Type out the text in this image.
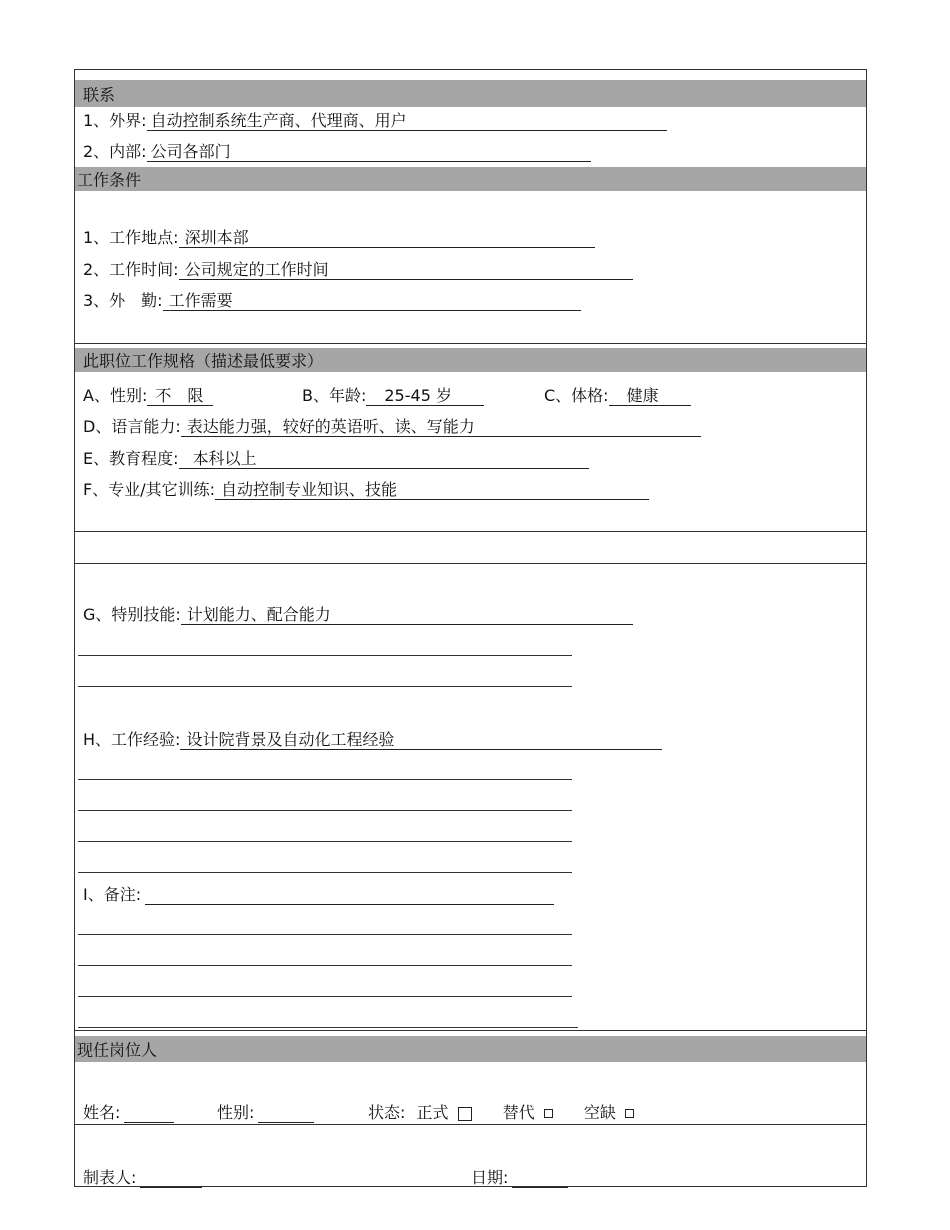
联系
1、外界: 自动控制系统生产商、代理商、用户
2、内部: 公司各部门
工作条件
1、工作地点: 深圳本部
2、工作时间: 公司规定的工作时间
3、外　勤: 工作需要
此职位工作规格（描述最低要求）
A、性别: 不　限	B、年龄: 25-45 岁	C、体格: 健康
D、语言能力: 表达能力强，较好的英语听、读、写能力
E、教育程度: 本科以上
F、专业/其它训练: 自动控制专业知识、技能
G、特别技能: 计划能力、配合能力
H、工作经验: 设计院背景及自动化工程经验
I、备注:
现任岗位人
姓名:	性别:	状态: 正式	替代	空缺
制表人:	日期:
